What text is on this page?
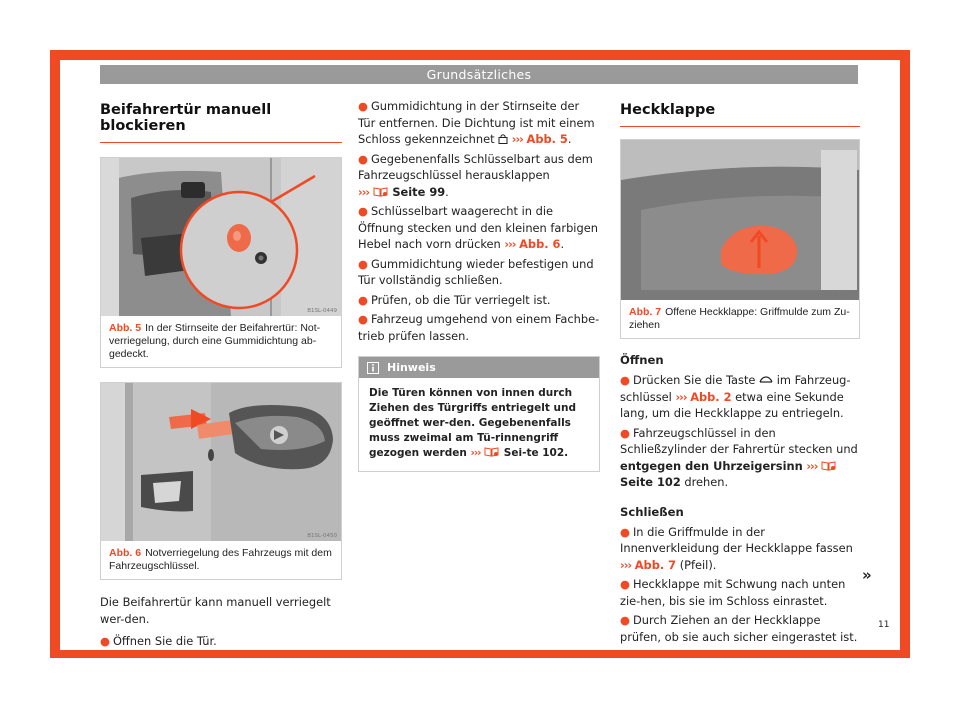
Grundsätzliches
Beifahrertür manuell blockieren
B1SL-0449
Abb. 5 In der Stirnseite der Beifahrertür: Not-verriegelung, durch eine Gummidichtung ab-gedeckt.
B1SL-0450
Abb. 6 Notverriegelung des Fahrzeugs mit dem Fahrzeugschlüssel.

Die Beifahrertür kann manuell verriegelt wer-den.

● Öffnen Sie die Tür.
● Gummidichtung in der Stirnseite der Tür entfernen. Die Dichtung ist mit einem Schloss gekennzeichnet ››› Abb. 5.
● Gegebenenfalls Schlüsselbart aus dem Fahrzeugschlüssel herausklappen
››› Seite 99.
● Schlüsselbart waagerecht in die Öffnung stecken und den kleinen farbigen Hebel nach vorn drücken ››› Abb. 6.
● Gummidichtung wieder befestigen und Tür vollständig schließen.
● Prüfen, ob die Tür verriegelt ist.
● Fahrzeug umgehend von einem Fachbe-trieb prüfen lassen.
Hinweis
Die Türen können von innen durch Ziehen des Türgriffs entriegelt und geöffnet wer-den. Gegebenenfalls muss zweimal am Tü-rinnengriff gezogen werden ››› Sei-te 102.
Heckklappe
B1SL-0397
Abb. 7 Offene Heckklappe: Griffmulde zum Zu-ziehen
Öffnen
● Drücken Sie die Taste im Fahrzeug-schlüssel ››› Abb. 2 etwa eine Sekunde lang, um die Heckklappe zu entriegeln.
● Fahrzeugschlüssel in den Schließzylinder der Fahrertür stecken und entgegen den Uhrzeigersinn ›››  Seite 102 drehen.
Schließen
● In die Griffmulde in der Innenverkleidung der Heckklappe fassen ››› Abb. 7 (Pfeil).
● Heckklappe mit Schwung nach unten zie-hen, bis sie im Schloss einrastet.
● Durch Ziehen an der Heckklappe prüfen, ob sie auch sicher eingerastet ist.
»
11
